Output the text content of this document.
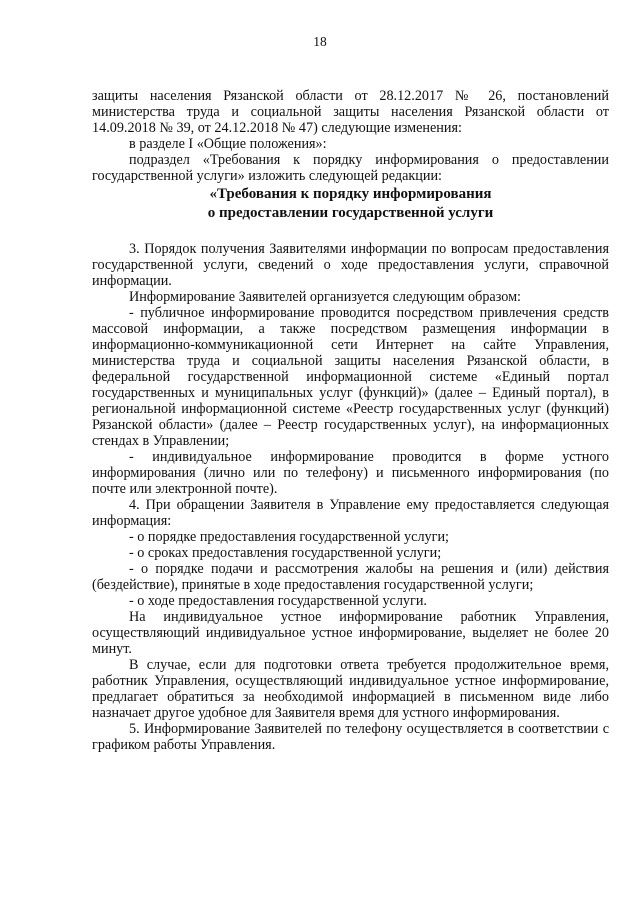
18

защиты населения Рязанской области от 28.12.2017 № 26, постановлений министерства труда и социальной защиты населения Рязанской области от 14.09.2018 № 39, от 24.12.2018 № 47) следующие изменения:

в разделе I «Общие положения»:

подраздел «Требования к порядку информирования о предоставлении государственной услуги» изложить следующей редакции:

«Требования к порядку информирования

о предоставлении государственной услуги

3. Порядок получения Заявителями информации по вопросам предоставления государственной услуги, сведений о ходе предоставления услуги, справочной информации.

Информирование Заявителей организуется следующим образом:

- публичное информирование проводится посредством привлечения средств массовой информации, а также посредством размещения информации в информационно-коммуникационной сети Интернет на сайте Управления, министерства труда и социальной защиты населения Рязанской области, в федеральной государственной информационной системе «Единый портал государственных и муниципальных услуг (функций)» (далее – Единый портал), в региональной информационной системе «Реестр государственных услуг (функций) Рязанской области» (далее – Реестр государственных услуг), на информационных стендах в Управлении;

- индивидуальное информирование проводится в форме устного информирования (лично или по телефону) и письменного информирования (по почте или электронной почте).

4. При обращении Заявителя в Управление ему предоставляется следующая информация:

- о порядке предоставления государственной услуги;

- о сроках предоставления государственной услуги;

- о порядке подачи и рассмотрения жалобы на решения и (или) действия (бездействие), принятые в ходе предоставления государственной услуги;

- о ходе предоставления государственной услуги.

На индивидуальное устное информирование работник Управления, осуществляющий индивидуальное устное информирование, выделяет не более 20 минут.

В случае, если для подготовки ответа требуется продолжительное время, работник Управления, осуществляющий индивидуальное устное информирование, предлагает обратиться за необходимой информацией в письменном виде либо назначает другое удобное для Заявителя время для устного информирования.

5. Информирование Заявителей по телефону осуществляется в соответствии с графиком работы Управления.
